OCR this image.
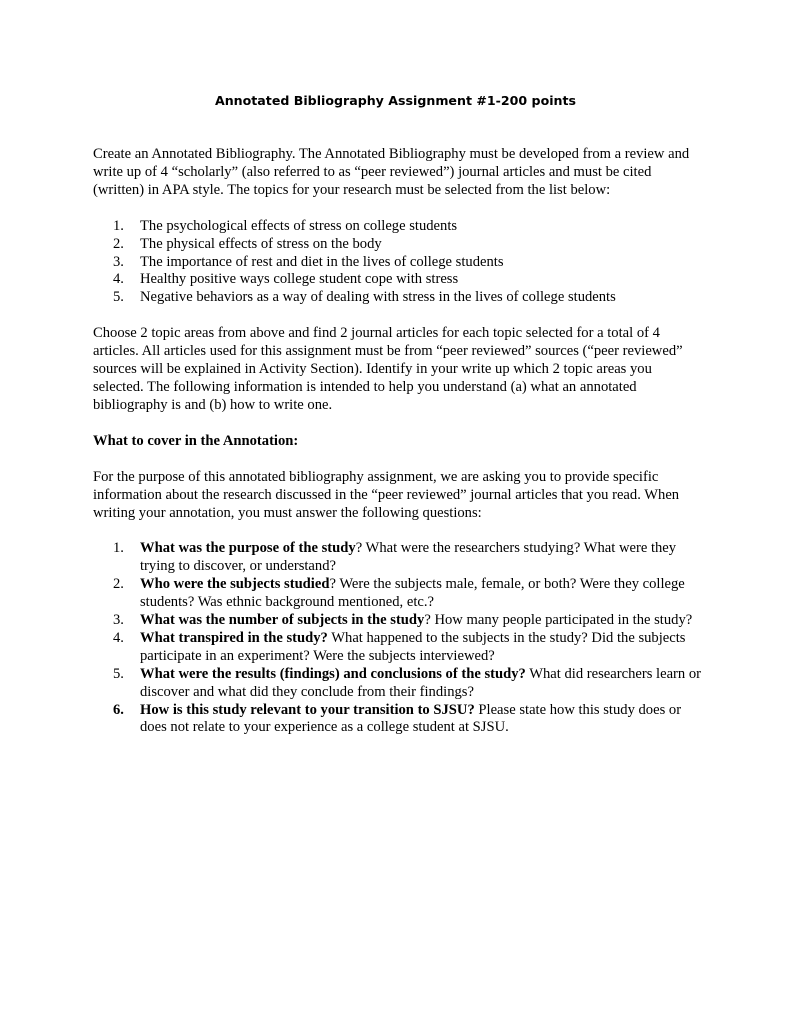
Annotated Bibliography Assignment #1-200 points

Create an Annotated Bibliography. The Annotated Bibliography must be developed from a review and write up of 4 “scholarly” (also referred to as “peer reviewed”) journal articles and must be cited (written) in APA style. The topics for your research must be selected from the list below:

1. The psychological effects of stress on college students
2. The physical effects of stress on the body
3. The importance of rest and diet in the lives of college students
4. Healthy positive ways college student cope with stress
5. Negative behaviors as a way of dealing with stress in the lives of college students

Choose 2 topic areas from above and find 2 journal articles for each topic selected for a total of 4 articles. All articles used for this assignment must be from “peer reviewed” sources (“peer reviewed” sources will be explained in Activity Section). Identify in your write up which 2 topic areas you selected. The following information is intended to help you understand (a) what an annotated bibliography is and (b) how to write one.

What to cover in the Annotation:

For the purpose of this annotated bibliography assignment, we are asking you to provide specific information about the research discussed in the “peer reviewed” journal articles that you read. When writing your annotation, you must answer the following questions:

1. What was the purpose of the study? What were the researchers studying? What were they trying to discover, or understand?
2. Who were the subjects studied? Were the subjects male, female, or both? Were they college students? Was ethnic background mentioned, etc.?
3. What was the number of subjects in the study? How many people participated in the study?
4. What transpired in the study? What happened to the subjects in the study? Did the subjects participate in an experiment? Were the subjects interviewed?
5. What were the results (findings) and conclusions of the study? What did researchers learn or discover and what did they conclude from their findings?
6. How is this study relevant to your transition to SJSU? Please state how this study does or does not relate to your experience as a college student at SJSU.
